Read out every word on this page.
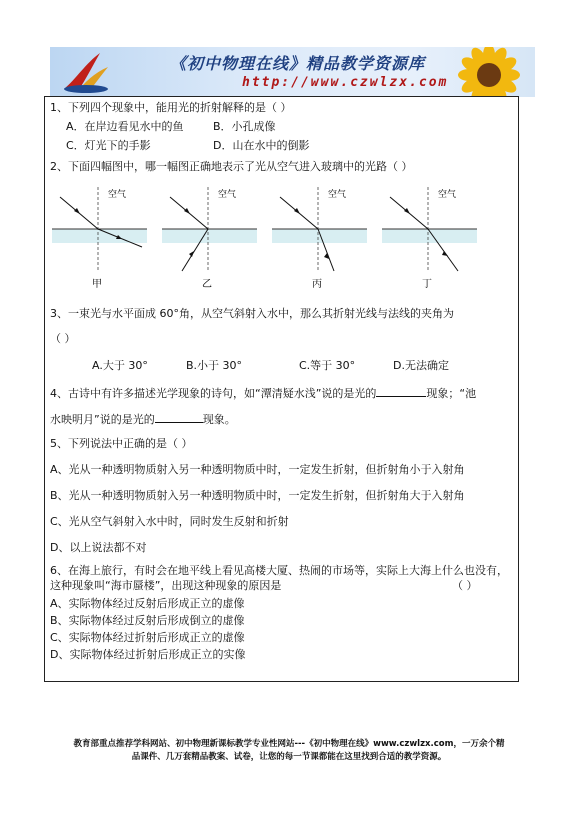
《初中物理在线》精品教学资源库
http://www.czwlzx.com
1、下列四个现象中，能用光的折射解释的是（ ）
A．在岸边看见水中的鱼	B．小孔成像
C．灯光下的手影	D．山在水中的倒影
2、下面四幅图中，哪一幅图正确地表示了光从空气进入玻璃中的光路（ ）
空气
甲
空气
乙
空气
丙
空气
丁
3、一束光与水平面成 60°角，从空气斜射入水中，那么其折射光线与法线的夹角为
（ ）
A.大于 30°	B.小于 30°	C.等于 30°	D.无法确定
4、古诗中有许多描述光学现象的诗句，如“潭清疑水浅”说的是光的	现象；“池
水映明月”说的是光的	现象。
5、下列说法中正确的是（ ）
A、光从一种透明物质射入另一种透明物质中时，一定发生折射，但折射角小于入射角
B、光从一种透明物质射入另一种透明物质中时，一定发生折射，但折射角大于入射角
C、光从空气斜射入水中时，同时发生反射和折射
D、以上说法都不对
6、在海上旅行，有时会在地平线上看见高楼大厦、热闹的市场等，实际上大海上什么也没有，这种现象叫“海市蜃楼”，出现这种现象的原因是	（ ）
A、实际物体经过反射后形成正立的虚像
B、实际物体经过反射后形成倒立的虚像
C、实际物体经过折射后形成正立的虚像
D、实际物体经过折射后形成正立的实像
教育部重点推荐学科网站、初中物理新课标教学专业性网站---《初中物理在线》www.czwlzx.com，一万余个精
品课件、几万套精品教案、试卷，让您的每一节课都能在这里找到合适的教学资源。
